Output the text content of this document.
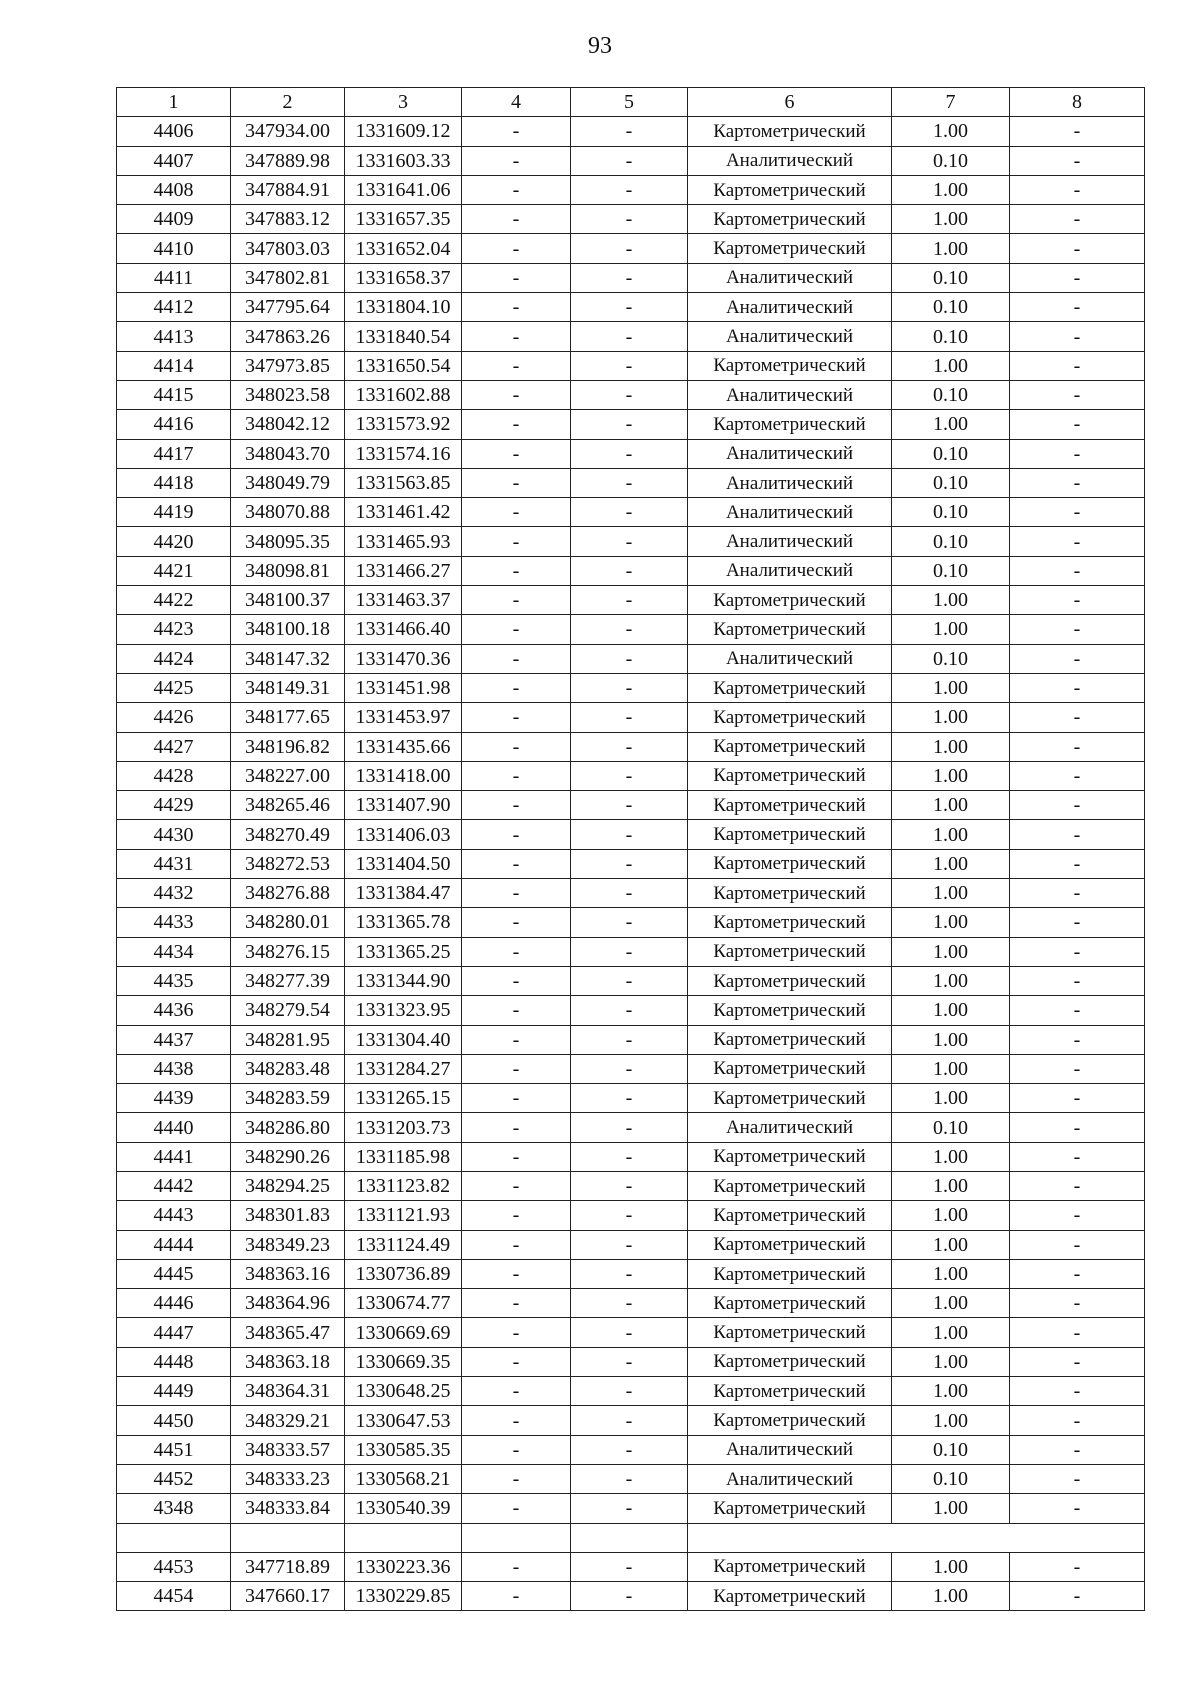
93
1	2	3	4	5	6	7	8
4406	347934.00	1331609.12	-	-	Картометрический	1.00	-
4407	347889.98	1331603.33	-	-	Аналитический	0.10	-
4408	347884.91	1331641.06	-	-	Картометрический	1.00	-
4409	347883.12	1331657.35	-	-	Картометрический	1.00	-
4410	347803.03	1331652.04	-	-	Картометрический	1.00	-
4411	347802.81	1331658.37	-	-	Аналитический	0.10	-
4412	347795.64	1331804.10	-	-	Аналитический	0.10	-
4413	347863.26	1331840.54	-	-	Аналитический	0.10	-
4414	347973.85	1331650.54	-	-	Картометрический	1.00	-
4415	348023.58	1331602.88	-	-	Аналитический	0.10	-
4416	348042.12	1331573.92	-	-	Картометрический	1.00	-
4417	348043.70	1331574.16	-	-	Аналитический	0.10	-
4418	348049.79	1331563.85	-	-	Аналитический	0.10	-
4419	348070.88	1331461.42	-	-	Аналитический	0.10	-
4420	348095.35	1331465.93	-	-	Аналитический	0.10	-
4421	348098.81	1331466.27	-	-	Аналитический	0.10	-
4422	348100.37	1331463.37	-	-	Картометрический	1.00	-
4423	348100.18	1331466.40	-	-	Картометрический	1.00	-
4424	348147.32	1331470.36	-	-	Аналитический	0.10	-
4425	348149.31	1331451.98	-	-	Картометрический	1.00	-
4426	348177.65	1331453.97	-	-	Картометрический	1.00	-
4427	348196.82	1331435.66	-	-	Картометрический	1.00	-
4428	348227.00	1331418.00	-	-	Картометрический	1.00	-
4429	348265.46	1331407.90	-	-	Картометрический	1.00	-
4430	348270.49	1331406.03	-	-	Картометрический	1.00	-
4431	348272.53	1331404.50	-	-	Картометрический	1.00	-
4432	348276.88	1331384.47	-	-	Картометрический	1.00	-
4433	348280.01	1331365.78	-	-	Картометрический	1.00	-
4434	348276.15	1331365.25	-	-	Картометрический	1.00	-
4435	348277.39	1331344.90	-	-	Картометрический	1.00	-
4436	348279.54	1331323.95	-	-	Картометрический	1.00	-
4437	348281.95	1331304.40	-	-	Картометрический	1.00	-
4438	348283.48	1331284.27	-	-	Картометрический	1.00	-
4439	348283.59	1331265.15	-	-	Картометрический	1.00	-
4440	348286.80	1331203.73	-	-	Аналитический	0.10	-
4441	348290.26	1331185.98	-	-	Картометрический	1.00	-
4442	348294.25	1331123.82	-	-	Картометрический	1.00	-
4443	348301.83	1331121.93	-	-	Картометрический	1.00	-
4444	348349.23	1331124.49	-	-	Картометрический	1.00	-
4445	348363.16	1330736.89	-	-	Картометрический	1.00	-
4446	348364.96	1330674.77	-	-	Картометрический	1.00	-
4447	348365.47	1330669.69	-	-	Картометрический	1.00	-
4448	348363.18	1330669.35	-	-	Картометрический	1.00	-
4449	348364.31	1330648.25	-	-	Картометрический	1.00	-
4450	348329.21	1330647.53	-	-	Картометрический	1.00	-
4451	348333.57	1330585.35	-	-	Аналитический	0.10	-
4452	348333.23	1330568.21	-	-	Аналитический	0.10	-
4348	348333.84	1330540.39	-	-	Картометрический	1.00	-

4453	347718.89	1330223.36	-	-	Картометрический	1.00	-
4454	347660.17	1330229.85	-	-	Картометрический	1.00	-
